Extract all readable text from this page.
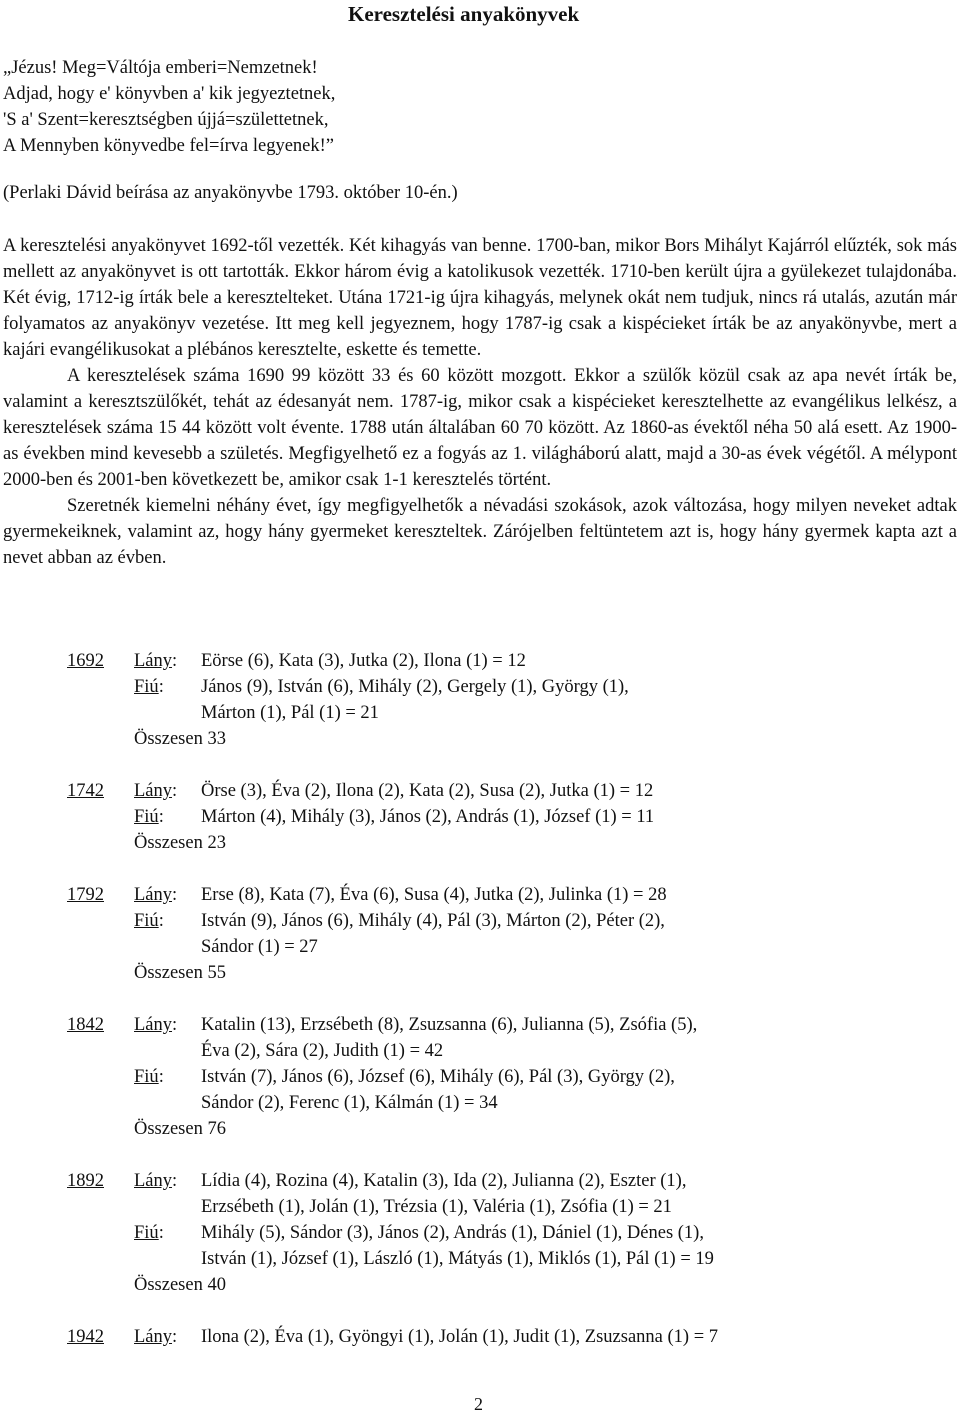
Keresztelési anyakönyvek
„Jézus! Meg=Váltója emberi=Nemzetnek!
Adjad, hogy e' könyvben a' kik jegyeztetnek,
'S a' Szent=keresztségben újjá=születtetnek,
A Mennyben könyvedbe fel=írva legyenek!”
(Perlaki Dávid beírása az anyakönyvbe 1793. október 10-én.)

A keresztelési anyakönyvet 1692-től vezették. Két kihagyás van benne. 1700-ban, mikor Bors Mihályt Kajárról elűzték, sok más mellett az anyakönyvet is ott tartották. Ekkor három évig a katolikusok vezették. 1710-ben került újra a gyülekezet tulajdonába. Két évig, 1712-ig írták bele a keresztelteket. Utána 1721-ig újra kihagyás, melynek okát nem tudjuk, nincs rá utalás, azután már folyamatos az anyakönyv vezetése. Itt meg kell jegyeznem, hogy 1787-ig csak a kispécieket írták be az anyakönyvbe, mert a kajári evangélikusokat a plébános keresztelte, eskette és temette.

A keresztelések száma 1690 99 között 33 és 60 között mozgott. Ekkor a szülők közül csak az apa nevét írták be, valamint a keresztszülőkét, tehát az édesanyát nem. 1787-ig, mikor csak a kispécieket keresztelhette az evangélikus lelkész, a keresztelések száma 15 44 között volt évente. 1788 után általában 60 70 között. Az 1860-as évektől néha 50 alá esett. Az 1900-as években mind kevesebb a születés. Megfigyelhető ez a fogyás az 1. világháború alatt, majd a 30-as évek végétől. A mélypont 2000-ben és 2001-ben következett be, amikor csak 1-1 keresztelés történt.

Szeretnék kiemelni néhány évet, így megfigyelhetők a névadási szokások, azok változása, hogy milyen neveket adtak gyermekeiknek, valamint az, hogy hány gyermeket kereszteltek. Zárójelben feltüntetem azt is, hogy hány gyermek kapta azt a nevet abban az évben.

1692 Lány: Eörse (6), Kata (3), Jutka (2), Ilona (1) = 12
Fiú: János (9), István (6), Mihály (2), Gergely (1), György (1),
Márton (1), Pál (1) = 21
Összesen 33
1742 Lány: Örse (3), Éva (2), Ilona (2), Kata (2), Susa (2), Jutka (1) = 12
Fiú: Márton (4), Mihály (3), János (2), András (1), József (1) = 11
Összesen 23
1792 Lány: Erse (8), Kata (7), Éva (6), Susa (4), Jutka (2), Julinka (1) = 28
Fiú: István (9), János (6), Mihály (4), Pál (3), Márton (2), Péter (2),
Sándor (1) = 27
Összesen 55
1842 Lány: Katalin (13), Erzsébeth (8), Zsuzsanna (6), Julianna (5), Zsófia (5),
Éva (2), Sára (2), Judith (1) = 42
Fiú: István (7), János (6), József (6), Mihály (6), Pál (3), György (2),
Sándor (2), Ferenc (1), Kálmán (1) = 34
Összesen 76
1892 Lány: Lídia (4), Rozina (4), Katalin (3), Ida (2), Julianna (2), Eszter (1),
Erzsébeth (1), Jolán (1), Trézsia (1), Valéria (1), Zsófia (1) = 21
Fiú: Mihály (5), Sándor (3), János (2), András (1), Dániel (1), Dénes (1),
István (1), József (1), László (1), Mátyás (1), Miklós (1), Pál (1) = 19
Összesen 40
1942 Lány: Ilona (2), Éva (1), Gyöngyi (1), Jolán (1), Judit (1), Zsuzsanna (1) = 7
2
